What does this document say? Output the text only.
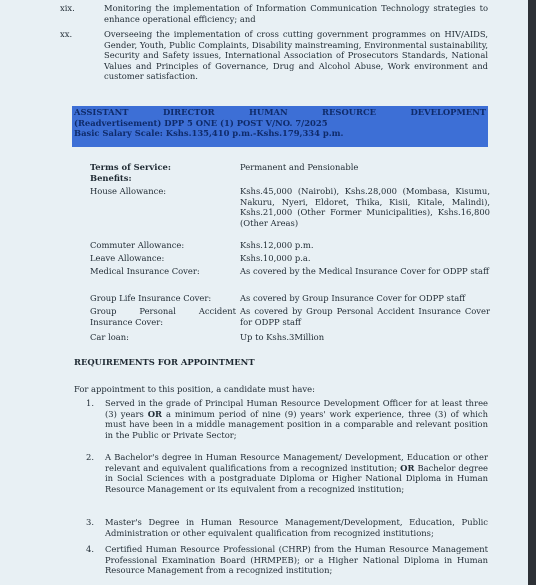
xix.	Monitoring the implementation of Information Communication Technology strategies to enhance operational efficiency; and
xx.	Overseeing the implementation of cross cutting government programmes on HIV/AIDS, Gender, Youth, Public Complaints, Disability mainstreaming, Environmental sustainability, Security and Safety issues, International Association of Prosecutors Standards, National Values and Principles of Governance, Drug and Alcohol Abuse, Work environment and customer satisfaction.
ASSISTANT	DIRECTOR	HUMAN	RESOURCE	DEVELOPMENT
(Readvertisement) DPP 5 ONE (1) POST V/NO. 7/2025
Basic Salary Scale: Kshs.135,410 p.m.-Kshs.179,334 p.m.
Terms of Service:	Permanent and Pensionable
Benefits:
House Allowance:	Kshs.45,000 (Nairobi), Kshs.28,000 (Mombasa, Kisumu, Nakuru, Nyeri, Eldoret, Thika, Kisii, Kitale, Malindi), Kshs.21,000 (Other Former Municipalities), Kshs.16,800 (Other Areas)
Commuter Allowance:	Kshs.12,000 p.m.
Leave Allowance:	Kshs.10,000 p.a.
Medical Insurance Cover:	As covered by the Medical Insurance Cover for ODPP staff
Group Life Insurance Cover:	As covered by Group Insurance Cover for ODPP staff
Group Personal Accident Insurance Cover:
As covered by Group Personal Accident Insurance Cover for ODPP staff
Car loan:	Up to Kshs.3Million
REQUIREMENTS FOR APPOINTMENT
For appointment to this position, a candidate must have:
1. Served in the grade of Principal Human Resource Development Officer for at least three (3) years OR a minimum period of nine (9) years' work experience, three (3) of which must have been in a middle management position in a comparable and relevant position in the Public or Private Sector;
2. A Bachelor's degree in Human Resource Management/ Development, Education or other relevant and equivalent qualifications from a recognized institution; OR Bachelor degree in Social Sciences with a postgraduate Diploma or Higher National Diploma in Human Resource Management or its equivalent from a recognized institution;
3. Master's Degree in Human Resource Management/Development, Education, Public Administration or other equivalent qualification from recognized institutions;
4. Certified Human Resource Professional (CHRP) from the Human Resource Management Professional Examination Board (HRMPEB); or a Higher National Diploma in Human Resource Management from a recognized institution;
